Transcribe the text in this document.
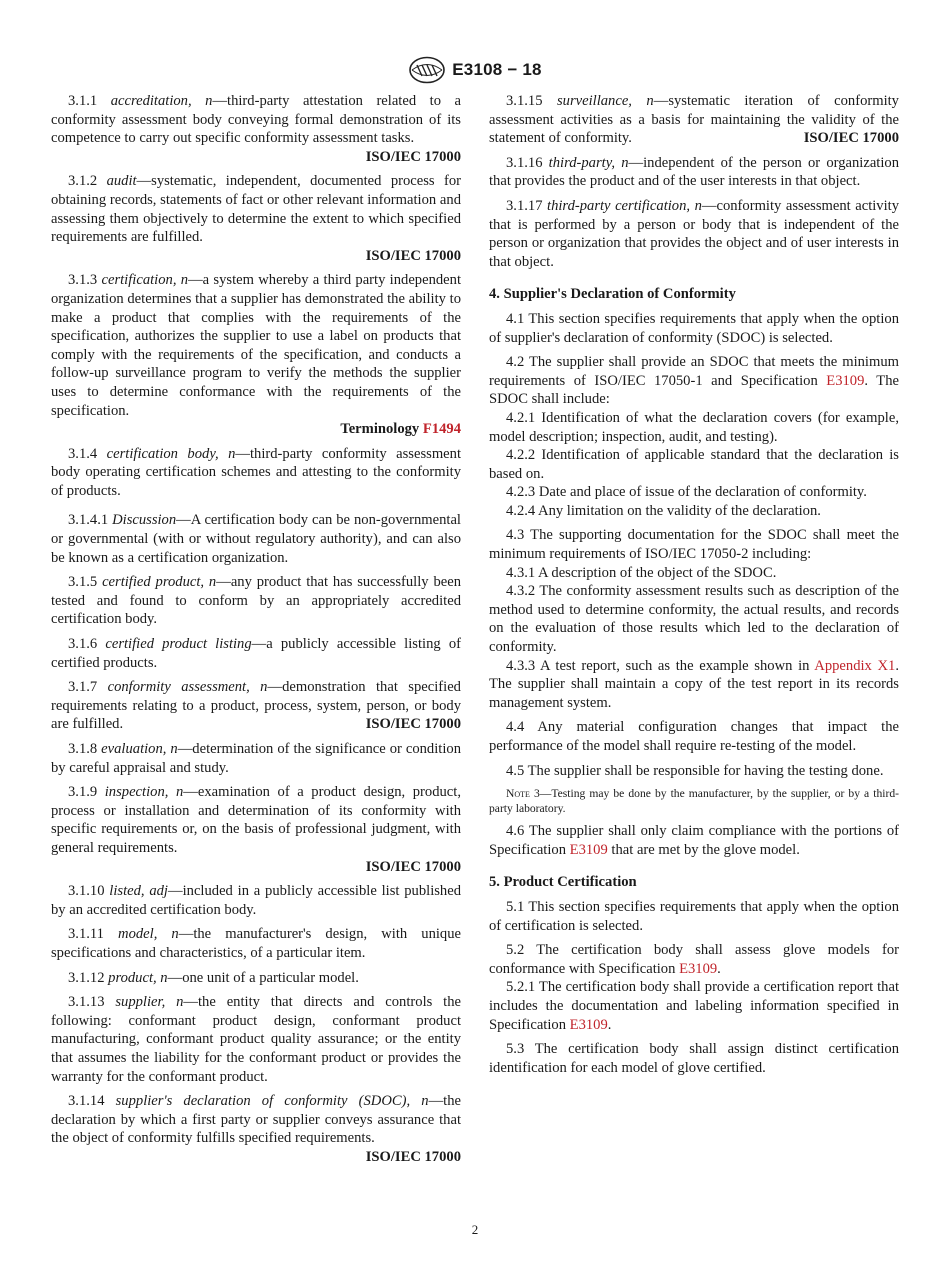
E3108 − 18

3.1.1 accreditation, n—third-party attestation related to a conformity assessment body conveying formal demonstration of its competence to carry out specific conformity assessment tasks.
ISO/IEC 17000

3.1.2 audit—systematic, independent, documented process for obtaining records, statements of fact or other relevant information and assessing them objectively to determine the extent to which specified requirements are fulfilled.
ISO/IEC 17000

3.1.3 certification, n—a system whereby a third party independent organization determines that a supplier has demonstrated the ability to make a product that complies with the requirements of the specification, authorizes the supplier to use a label on products that comply with the requirements of the specification, and conducts a follow-up surveillance program to verify the methods the supplier uses to determine conformance with the requirements of the specification.
Terminology F1494

3.1.4 certification body, n—third-party conformity assessment body operating certification schemes and attesting to the conformity of products.

3.1.4.1 Discussion—A certification body can be non-governmental or governmental (with or without regulatory authority), and can also be known as a certification organization.

3.1.5 certified product, n—any product that has successfully been tested and found to conform by an appropriately accredited certification body.

3.1.6 certified product listing—a publicly accessible listing of certified products.

3.1.7 conformity assessment, n—demonstration that specified requirements relating to a product, process, system, person, or body are fulfilled.	ISO/IEC 17000

3.1.8 evaluation, n—determination of the significance or condition by careful appraisal and study.

3.1.9 inspection, n—examination of a product design, product, process or installation and determination of its conformity with specific requirements or, on the basis of professional judgment, with general requirements.
ISO/IEC 17000

3.1.10 listed, adj—included in a publicly accessible list published by an accredited certification body.

3.1.11 model, n—the manufacturer's design, with unique specifications and characteristics, of a particular item.

3.1.12 product, n—one unit of a particular model.

3.1.13 supplier, n—the entity that directs and controls the following: conformant product design, conformant product manufacturing, conformant product quality assurance; or the entity that assumes the liability for the conformant product or provides the warranty for the conformant product.

3.1.14 supplier's declaration of conformity (SDOC), n—the declaration by which a first party or supplier conveys assurance that the object of conformity fulfills specified requirements.
ISO/IEC 17000

3.1.15 surveillance, n—systematic iteration of conformity assessment activities as a basis for maintaining the validity of the statement of conformity.	ISO/IEC 17000

3.1.16 third-party, n—independent of the person or organization that provides the product and of the user interests in that object.

3.1.17 third-party certification, n—conformity assessment activity that is performed by a person or body that is independent of the person or organization that provides the object and of user interests in that object.

4. Supplier's Declaration of Conformity

4.1 This section specifies requirements that apply when the option of supplier's declaration of conformity (SDOC) is selected.

4.2 The supplier shall provide an SDOC that meets the minimum requirements of ISO/IEC 17050-1 and Specification E3109. The SDOC shall include:

4.2.1 Identification of what the declaration covers (for example, model description; inspection, audit, and testing).

4.2.2 Identification of applicable standard that the declaration is based on.

4.2.3 Date and place of issue of the declaration of conformity.

4.2.4 Any limitation on the validity of the declaration.

4.3 The supporting documentation for the SDOC shall meet the minimum requirements of ISO/IEC 17050-2 including:

4.3.1 A description of the object of the SDOC.

4.3.2 The conformity assessment results such as description of the method used to determine conformity, the actual results, and records on the evaluation of those results which led to the declaration of conformity.

4.3.3 A test report, such as the example shown in Appendix X1. The supplier shall maintain a copy of the test report in its records management system.

4.4 Any material configuration changes that impact the performance of the model shall require re-testing of the model.

4.5 The supplier shall be responsible for having the testing done.

Note 3—Testing may be done by the manufacturer, by the supplier, or by a third-party laboratory.

4.6 The supplier shall only claim compliance with the portions of Specification E3109 that are met by the glove model.

5. Product Certification

5.1 This section specifies requirements that apply when the option of certification is selected.

5.2 The certification body shall assess glove models for conformance with Specification E3109.

5.2.1 The certification body shall provide a certification report that includes the documentation and labeling information specified in Specification E3109.

5.3 The certification body shall assign distinct certification identification for each model of glove certified.

2
